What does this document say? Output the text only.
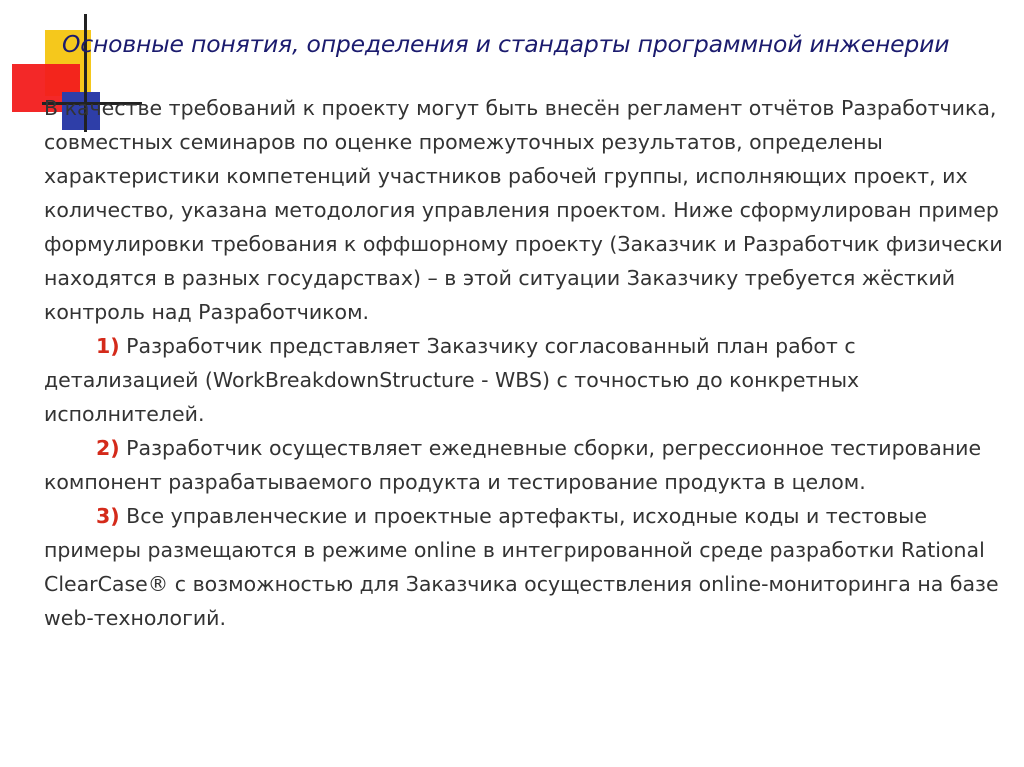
Основные понятия, определения и стандарты программной инженерии

В качестве требований к проекту могут быть внесён регламент отчётов Разработчика, совместных семинаров по оценке промежуточных результатов, определены характеристики компетенций участников рабочей группы, исполняющих проект, их количество, указана методология управления проектом. Ниже сформулирован пример формулировки требования к оффшорному проекту (Заказчик и Разработчик физически находятся в разных государствах) – в этой ситуации Заказчику требуется жёсткий контроль над Разработчиком.

1) Разработчик представляет Заказчику согласованный план работ с детализацией (WorkBreakdownStructure - WBS) с точностью до конкретных исполнителей.

2) Разработчик осуществляет ежедневные сборки, регрессионное тестирование компонент разрабатываемого продукта и тестирование продукта в целом.

3) Все управленческие и проектные артефакты, исходные коды и тестовые примеры размещаются в режиме online в интегрированной среде разработки Rational ClearCase® с возможностью для Заказчика осуществления online-мониторинга на базе web-технологий.
